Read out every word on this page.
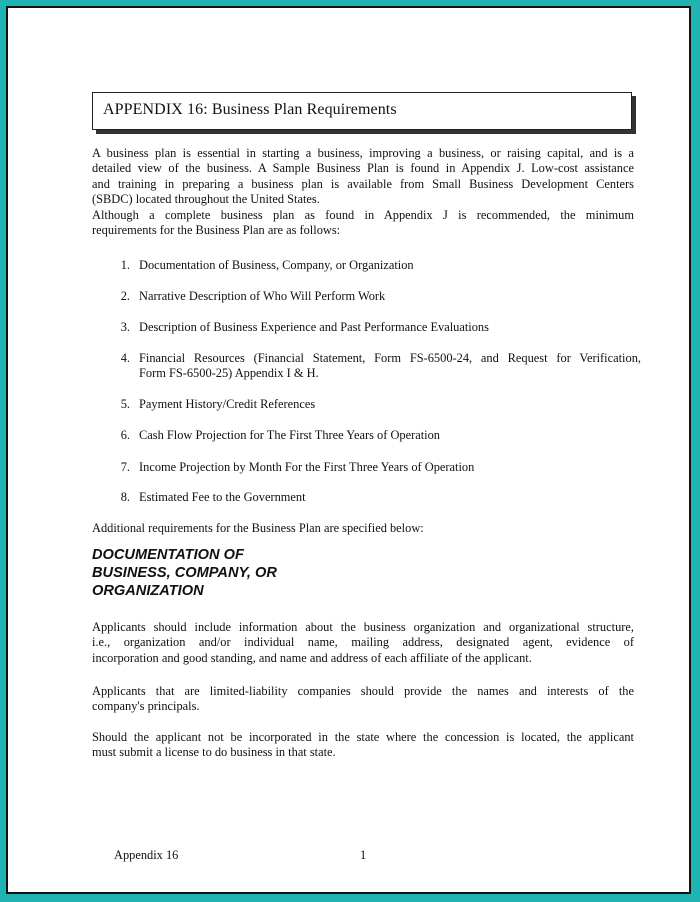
APPENDIX 16: Business Plan Requirements
A business plan is essential in starting a business, improving a business, or raising capital, and is a
detailed view of the business. A Sample Business Plan is found in Appendix J. Low-cost assistance
and training in preparing a business plan is available from Small Business Development Centers
(SBDC) located throughout the United States.
Although a complete business plan as found in Appendix J is recommended, the minimum
requirements for the Business Plan are as follows:
1. Documentation of Business, Company, or Organization
2. Narrative Description of Who Will Perform Work
3. Description of Business Experience and Past Performance Evaluations
4. Financial Resources (Financial Statement, Form FS-6500-24, and Request for Verification,
Form FS-6500-25) Appendix I & H.
5. Payment History/Credit References
6. Cash Flow Projection for The First Three Years of Operation
7. Income Projection by Month For the First Three Years of Operation
8. Estimated Fee to the Government
Additional requirements for the Business Plan are specified below:
DOCUMENTATION OF
BUSINESS, COMPANY, OR
ORGANIZATION
Applicants should include information about the business organization and organizational structure,
i.e., organization and/or individual name, mailing address, designated agent, evidence of
incorporation and good standing, and name and address of each affiliate of the applicant.
Applicants that are limited-liability companies should provide the names and interests of the
company's principals.
Should the applicant not be incorporated in the state where the concession is located, the applicant
must submit a license to do business in that state.
Appendix 16	1
